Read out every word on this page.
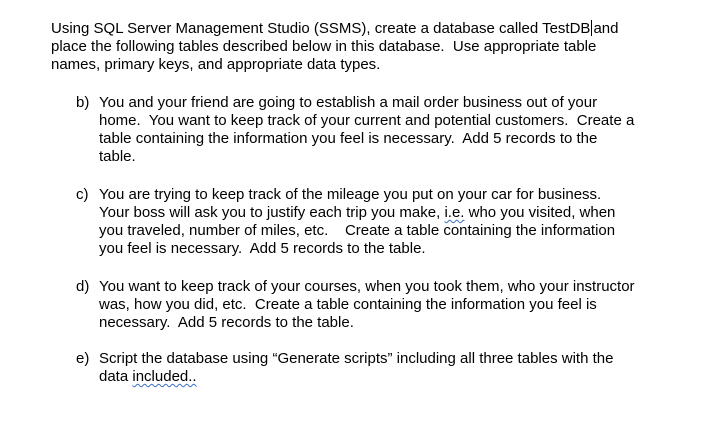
Using SQL Server Management Studio (SSMS), create a database called TestDB and
place the following tables described below in this database.  Use appropriate table
names, primary keys, and appropriate data types.
b) You and your friend are going to establish a mail order business out of your
home.  You want to keep track of your current and potential customers.  Create a
table containing the information you feel is necessary.  Add 5 records to the
table.
c) You are trying to keep track of the mileage you put on your car for business.
Your boss will ask you to justify each trip you make, i.e. who you visited, when
you traveled, number of miles, etc.    Create a table containing the information
you feel is necessary.  Add 5 records to the table.
d) You want to keep track of your courses, when you took them, who your instructor
was, how you did, etc.  Create a table containing the information you feel is
necessary.  Add 5 records to the table.
e) Script the database using “Generate scripts” including all three tables with the
data included..
